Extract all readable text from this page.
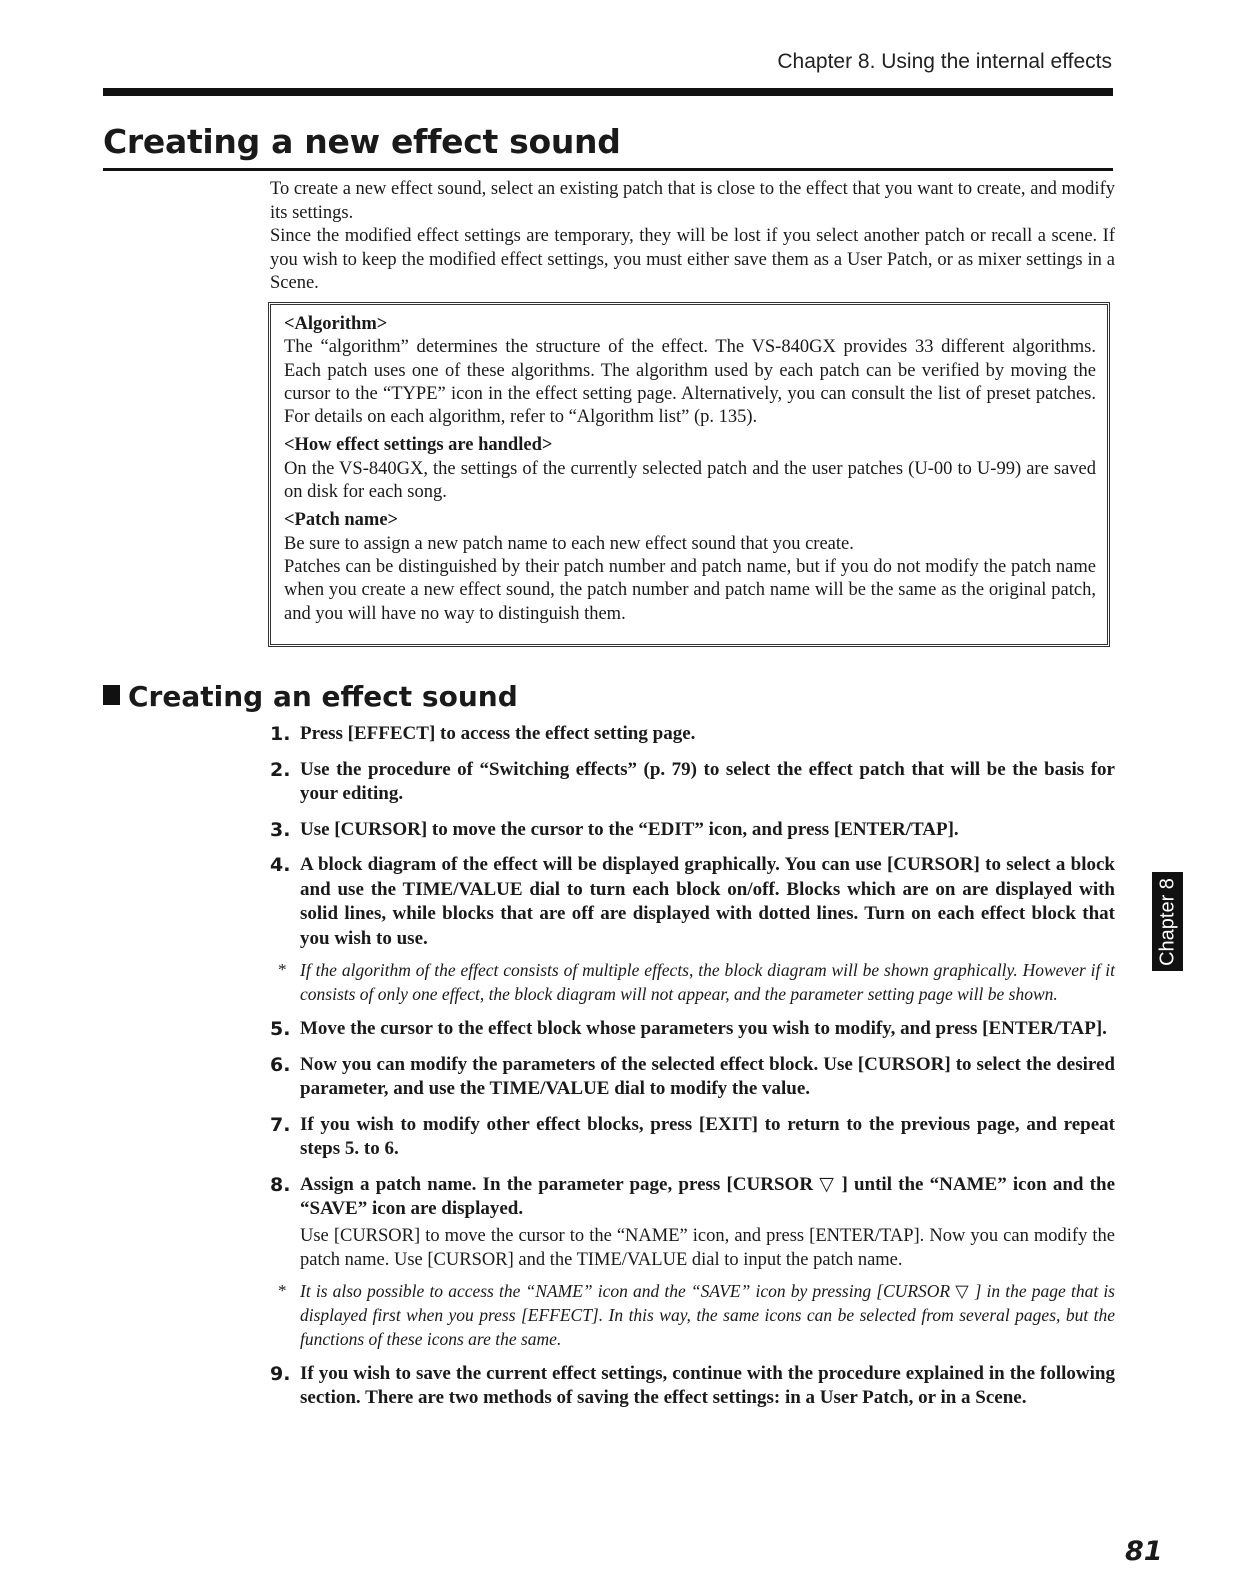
Chapter 8. Using the internal effects
Creating a new effect sound

To create a new effect sound, select an existing patch that is close to the effect that you want to create, and modify its settings.

Since the modified effect settings are temporary, they will be lost if you select another patch or recall a scene. If you wish to keep the modified effect settings, you must either save them as a User Patch, or as mixer settings in a Scene.

<Algorithm>

The “algorithm” determines the structure of the effect. The VS-840GX provides 33 different algorithms. Each patch uses one of these algorithms. The algorithm used by each patch can be verified by moving the cursor to the “TYPE” icon in the effect setting page. Alternatively, you can consult the list of preset patches. For details on each algorithm, refer to “Algorithm list” (p. 135).

<How effect settings are handled>

On the VS-840GX, the settings of the currently selected patch and the user patches (U-00 to U-99) are saved on disk for each song.

<Patch name>

Be sure to assign a new patch name to each new effect sound that you create.

Patches can be distinguished by their patch number and patch name, but if you do not modify the patch name when you create a new effect sound, the patch number and patch name will be the same as the original patch, and you will have no way to distinguish them.

Creating an effect sound
1. Press [EFFECT] to access the effect setting page.
2. Use the procedure of “Switching effects” (p. 79) to select the effect patch that will be the basis for your editing.
3. Use [CURSOR] to move the cursor to the “EDIT” icon, and press [ENTER/TAP].
4. A block diagram of the effect will be displayed graphically. You can use [CURSOR] to select a block and use the TIME/VALUE dial to turn each block on/off. Blocks which are on are displayed with solid lines, while blocks that are off are displayed with dotted lines. Turn on each effect block that you wish to use.
* If the algorithm of the effect consists of multiple effects, the block diagram will be shown graphically. However if it consists of only one effect, the block diagram will not appear, and the parameter setting page will be shown.
5. Move the cursor to the effect block whose parameters you wish to modify, and press [ENTER/TAP].
6. Now you can modify the parameters of the selected effect block. Use [CURSOR] to select the desired parameter, and use the TIME/VALUE dial to modify the value.
7. If you wish to modify other effect blocks, press [EXIT] to return to the previous page, and repeat steps 5. to 6.
8. Assign a patch name. In the parameter page, press [CURSOR ▽ ] until the “NAME” icon and the “SAVE” icon are displayed.
Use [CURSOR] to move the cursor to the “NAME” icon, and press [ENTER/TAP]. Now you can modify the patch name. Use [CURSOR] and the TIME/VALUE dial to input the patch name.
* It is also possible to access the “NAME” icon and the “SAVE” icon by pressing [CURSOR ▽ ] in the page that is displayed first when you press [EFFECT]. In this way, the same icons can be selected from several pages, but the functions of these icons are the same.
9. If you wish to save the current effect settings, continue with the procedure explained in the following section. There are two methods of saving the effect settings: in a User Patch, or in a Scene.
Chapter 8
81
